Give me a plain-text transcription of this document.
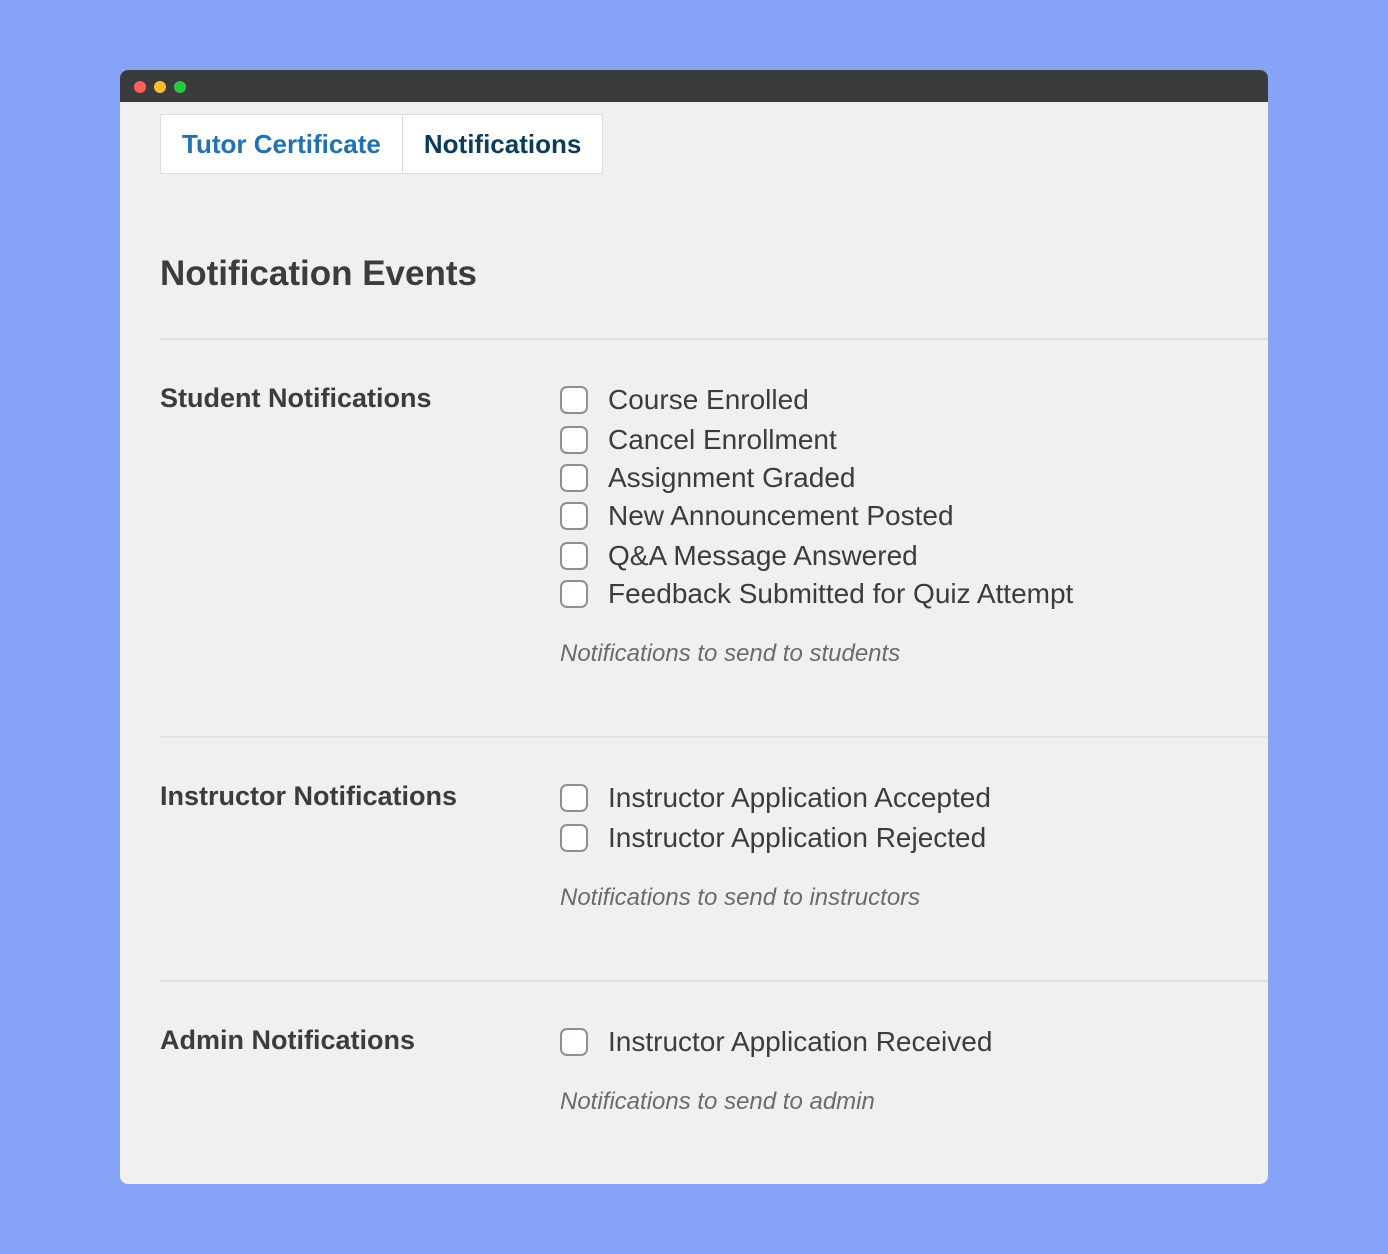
Tutor Certificate	Notifications
Notification Events
Student Notifications	Course Enrolled
Cancel Enrollment
Assignment Graded
New Announcement Posted
Q&A Message Answered
Feedback Submitted for Quiz Attempt

Notifications to send to students

Instructor Notifications	Instructor Application Accepted
Instructor Application Rejected

Notifications to send to instructors

Admin Notifications	Instructor Application Received

Notifications to send to admin
